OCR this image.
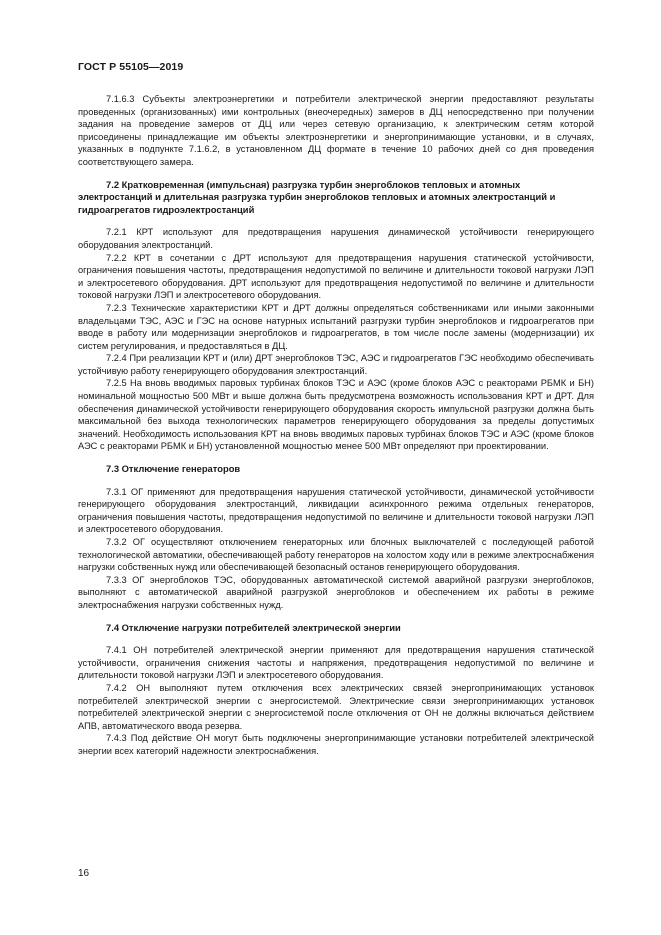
ГОСТ Р 55105—2019

7.1.6.3 Субъекты электроэнергетики и потребители электрической энергии предоставляют результаты проведенных (организованных) ими контрольных (внеочередных) замеров в ДЦ непосредственно при получении задания на проведение замеров от ДЦ или через сетевую организацию, к электрическим сетям которой присоединены принадлежащие им объекты электроэнергетики и энергопринимающие установки, и в случаях, указанных в подпункте 7.1.6.2, в установленном ДЦ формате в течение 10 рабочих дней со дня проведения соответствующего замера.

7.2 Кратковременная (импульсная) разгрузка турбин энергоблоков тепловых и атомных электростанций и длительная разгрузка турбин энергоблоков тепловых и атомных электростанций и гидроагрегатов гидроэлектростанций

7.2.1 КРТ используют для предотвращения нарушения динамической устойчивости генерирующего оборудования электростанций.

7.2.2 КРТ в сочетании с ДРТ используют для предотвращения нарушения статической устойчивости, ограничения повышения частоты, предотвращения недопустимой по величине и длительности токовой нагрузки ЛЭП и электросетевого оборудования. ДРТ используют для предотвращения недопустимой по величине и длительности токовой нагрузки ЛЭП и электросетевого оборудования.

7.2.3 Технические характеристики КРТ и ДРТ должны определяться собственниками или иными законными владельцами ТЭС, АЭС и ГЭС на основе натурных испытаний разгрузки турбин энергоблоков и гидроагрегатов при вводе в работу или модернизации энергоблоков и гидроагрегатов, в том числе после замены (модернизации) их систем регулирования, и предоставляться в ДЦ.

7.2.4 При реализации КРТ и (или) ДРТ энергоблоков ТЭС, АЭС и гидроагрегатов ГЭС необходимо обеспечивать устойчивую работу генерирующего оборудования электростанций.

7.2.5 На вновь вводимых паровых турбинах блоков ТЭС и АЭС (кроме блоков АЭС с реакторами РБМК и БН) номинальной мощностью 500 МВт и выше должна быть предусмотрена возможность использования КРТ и ДРТ. Для обеспечения динамической устойчивости генерирующего оборудования скорость импульсной разгрузки должна быть максимальной без выхода технологических параметров генерирующего оборудования за пределы допустимых значений. Необходимость использования КРТ на вновь вводимых паровых турбинах блоков ТЭС и АЭС (кроме блоков АЭС с реакторами РБМК и БН) установленной мощностью менее 500 МВт определяют при проектировании.

7.3 Отключение генераторов

7.3.1 ОГ применяют для предотвращения нарушения статической устойчивости, динамической устойчивости генерирующего оборудования электростанций, ликвидации асинхронного режима отдельных генераторов, ограничения повышения частоты, предотвращения недопустимой по величине и длительности токовой нагрузки ЛЭП и электросетевого оборудования.

7.3.2 ОГ осуществляют отключением генераторных или блочных выключателей с последующей работой технологической автоматики, обеспечивающей работу генераторов на холостом ходу или в режиме электроснабжения нагрузки собственных нужд или обеспечивающей безопасный останов генерирующего оборудования.

7.3.3 ОГ энергоблоков ТЭС, оборудованных автоматической системой аварийной разгрузки энергоблоков, выполняют с автоматической аварийной разгрузкой энергоблоков и обеспечением их работы в режиме электроснабжения нагрузки собственных нужд.

7.4 Отключение нагрузки потребителей электрической энергии

7.4.1 ОН потребителей электрической энергии применяют для предотвращения нарушения статической устойчивости, ограничения снижения частоты и напряжения, предотвращения недопустимой по величине и длительности токовой нагрузки ЛЭП и электросетевого оборудования.

7.4.2 ОН выполняют путем отключения всех электрических связей энергопринимающих установок потребителей электрической энергии с энергосистемой. Электрические связи энергопринимающих установок потребителей электрической энергии с энергосистемой после отключения от ОН не должны включаться действием АПВ, автоматического ввода резерва.

7.4.3 Под действие ОН могут быть подключены энергопринимающие установки потребителей электрической энергии всех категорий надежности электроснабжения.

16
